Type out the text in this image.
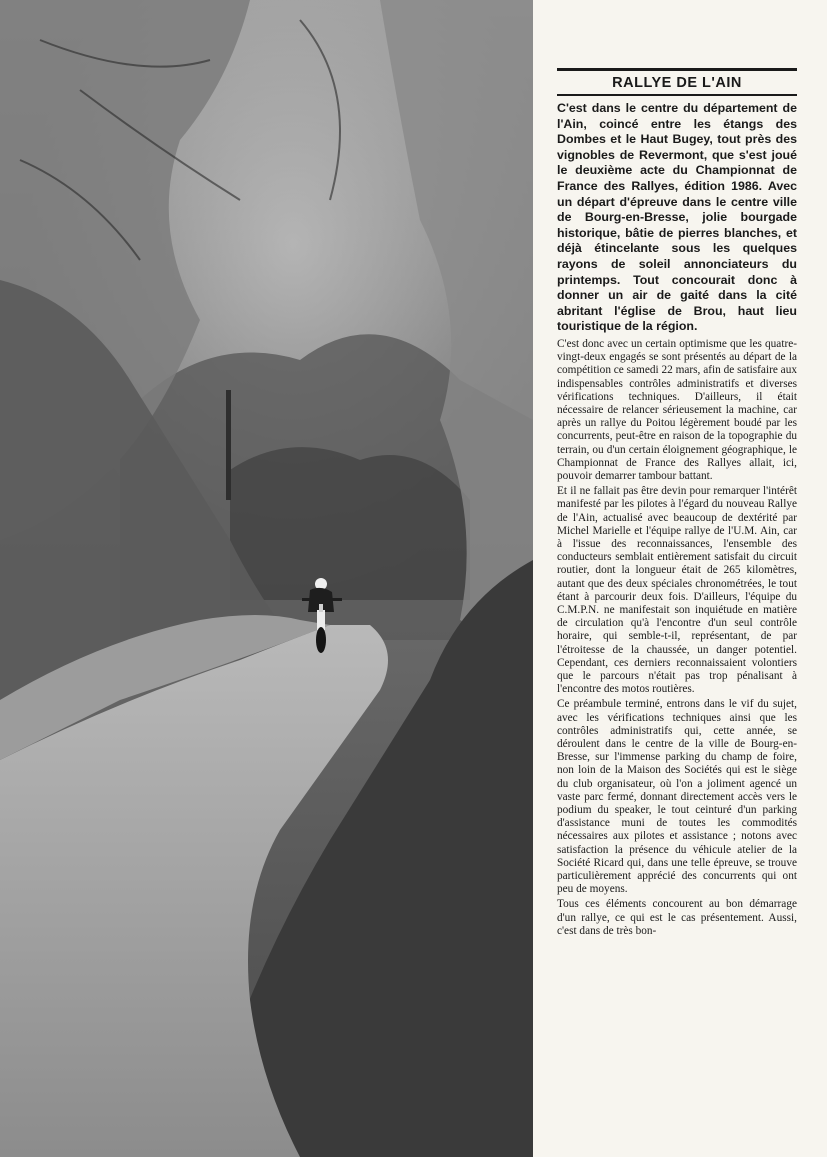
RALLYE DE L'AIN

C'est dans le centre du département de l'Ain, coincé entre les étangs des Dombes et le Haut Bugey, tout près des vignobles de Revermont, que s'est joué le deuxième acte du Championnat de France des Rallyes, édition 1986. Avec un départ d'épreuve dans le centre ville de Bourg-en-Bresse, jolie bourgade historique, bâtie de pierres blanches, et déjà étincelante sous les quelques rayons de soleil annonciateurs du printemps. Tout concourait donc à donner un air de gaité dans la cité abritant l'église de Brou, haut lieu touristique de la région.

C'est donc avec un certain optimisme que les quatre-vingt-deux engagés se sont présentés au départ de la compétition ce samedi 22 mars, afin de satisfaire aux indispensables contrôles administratifs et diverses vérifications techniques. D'ailleurs, il était nécessaire de relancer sérieusement la machine, car après un rallye du Poitou légèrement boudé par les concurrents, peut-être en raison de la topographie du terrain, ou d'un certain éloignement géographique, le Championnat de France des Rallyes allait, ici, pouvoir demarrer tambour battant.

Et il ne fallait pas être devin pour remarquer l'intérêt manifesté par les pilotes à l'égard du nouveau Rallye de l'Ain, actualisé avec beaucoup de dextérité par Michel Marielle et l'équipe rallye de l'U.M. Ain, car à l'issue des reconnaissances, l'ensemble des conducteurs semblait entièrement satisfait du circuit routier, dont la longueur était de 265 kilomètres, autant que des deux spéciales chronométrées, le tout étant à parcourir deux fois. D'ailleurs, l'équipe du C.M.P.N. ne manifestait son inquiétude en matière de circulation qu'à l'encontre d'un seul contrôle horaire, qui semble-t-il, représentant, de par l'étroitesse de la chaussée, un danger potentiel. Cependant, ces derniers reconnaissaient volontiers que le parcours n'était pas trop pénalisant à l'encontre des motos routières.

Ce préambule terminé, entrons dans le vif du sujet, avec les vérifications techniques ainsi que les contrôles administratifs qui, cette année, se déroulent dans le centre de la ville de Bourg-en-Bresse, sur l'immense parking du champ de foire, non loin de la Maison des Sociétés qui est le siège du club organisateur, où l'on a joliment agencé un vaste parc fermé, donnant directement accès vers le podium du speaker, le tout ceinturé d'un parking d'assistance muni de toutes les commodités nécessaires aux pilotes et assistance ; notons avec satisfaction la présence du véhicule atelier de la Société Ricard qui, dans une telle épreuve, se trouve particulièrement apprécié des concurrents qui ont peu de moyens.

Tous ces éléments concourent au bon démarrage d'un rallye, ce qui est le cas présentement. Aussi, c'est dans de très bon-
